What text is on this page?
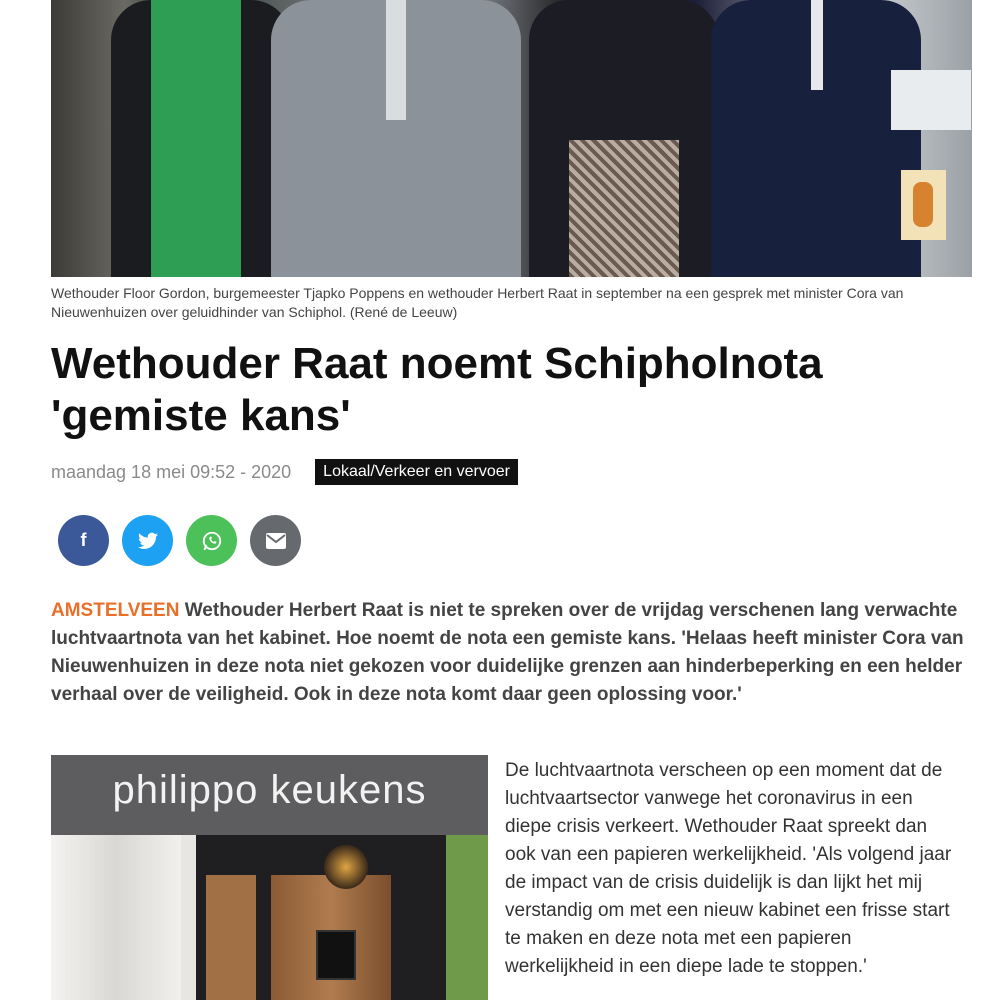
Wethouder Floor Gordon, burgemeester Tjapko Poppens en wethouder Herbert Raat in september na een gesprek met minister Cora van Nieuwenhuizen over geluidhinder van Schiphol. (René de Leeuw)

Wethouder Raat noemt Schipholnota 'gemiste kans'
maandag 18 mei 09:52 - 2020	Lokaal/Verkeer en vervoer
f

AMSTELVEEN Wethouder Herbert Raat is niet te spreken over de vrijdag verschenen lang verwachte luchtvaartnota van het kabinet. Hoe noemt de nota een gemiste kans. 'Helaas heeft minister Cora van Nieuwenhuizen in deze nota niet gekozen voor duidelijke grenzen aan hinderbeperking en een helder verhaal over de veiligheid. Ook in deze nota komt daar geen oplossing voor.'

philippo keukens	De luchtvaartnota verscheen op een moment dat de luchtvaartsector vanwege het coronavirus in een diepe crisis verkeert. Wethouder Raat spreekt dan ook van een papieren werkelijkheid. 'Als volgend jaar de impact van de crisis duidelijk is dan lijkt het mij verstandig om met een nieuw kabinet een frisse start te maken en deze nota met een papieren werkelijkheid in een diepe lade te stoppen.'
